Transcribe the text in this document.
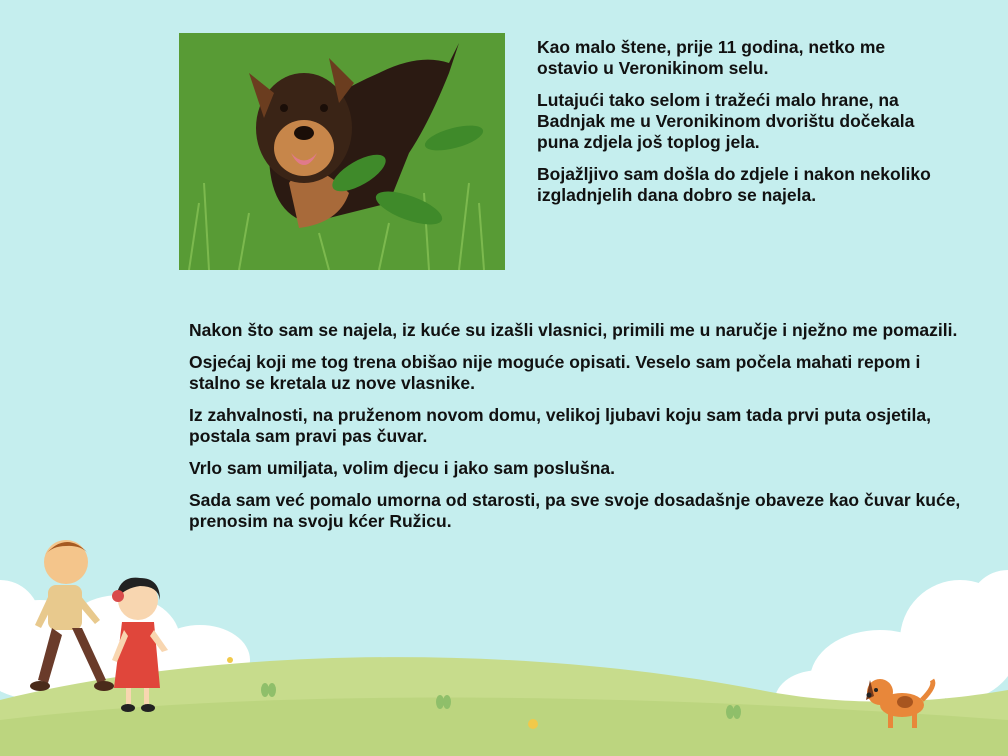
Kao malo štene, prije 11 godina, netko me ostavio u Veronikinom selu.

Lutajući tako selom i tražeći malo hrane, na Badnjak me u Veronikinom dvorištu dočekala puna zdjela još toplog jela.

Bojažljivo sam došla do zdjele i nakon nekoliko izgladnjelih dana dobro se najela.

Nakon što sam se najela, iz kuće su izašli vlasnici, primili me u naručje i nježno me pomazili.

Osjećaj koji me tog trena obišao nije moguće opisati. Veselo sam počela mahati repom i stalno se kretala uz nove vlasnike.

Iz zahvalnosti, na pruženom novom domu, velikoj ljubavi koju sam tada prvi puta osjetila, postala sam pravi pas čuvar.

Vrlo sam umiljata, volim djecu i jako sam poslušna.

Sada sam već pomalo umorna od starosti, pa sve svoje dosadašnje obaveze kao čuvar kuće, prenosim na svoju kćer Ružicu.
